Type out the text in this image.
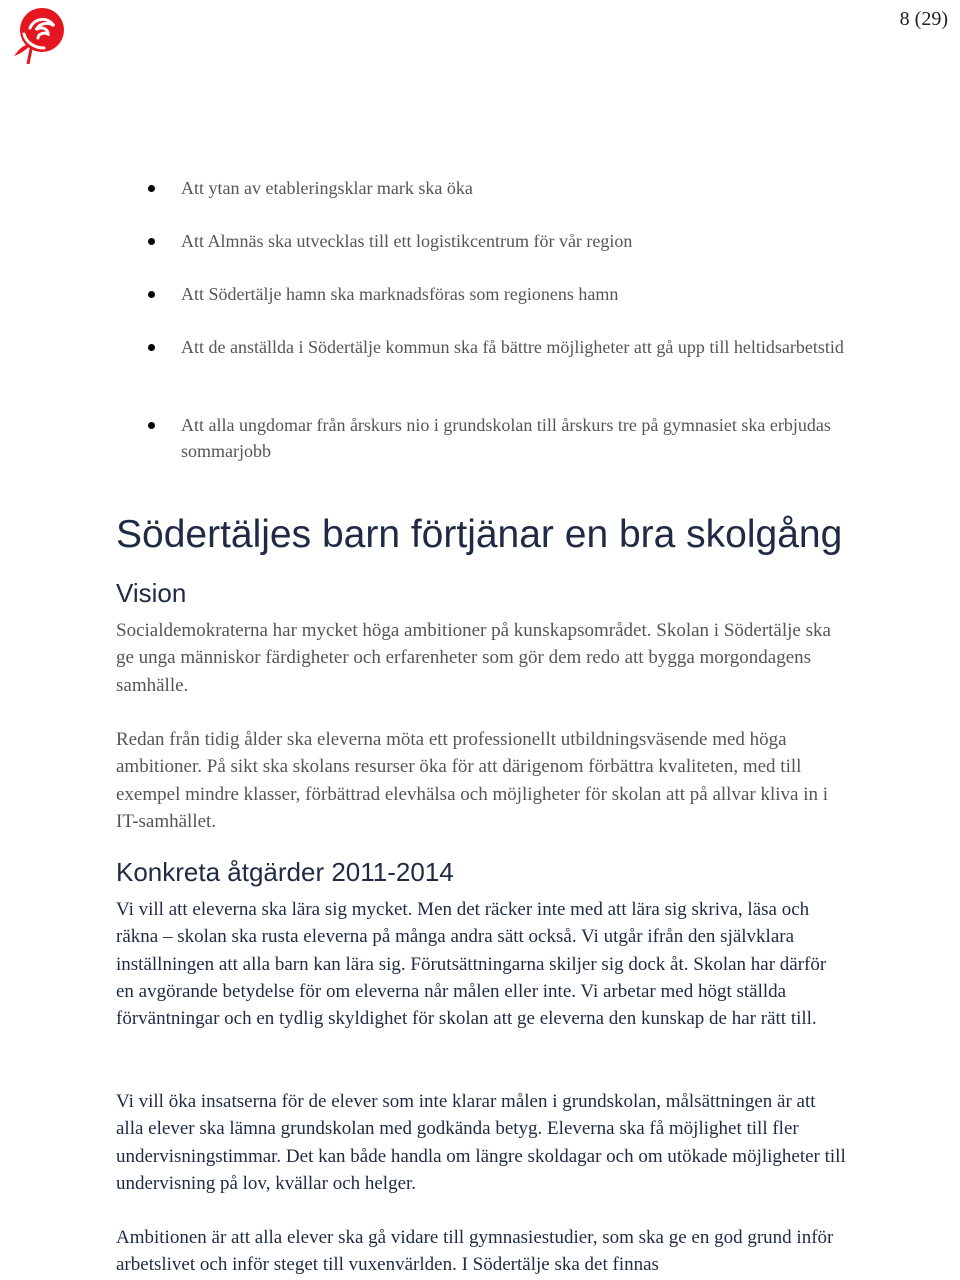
8 (29)
Att ytan av etableringsklar mark ska öka
Att Almnäs ska utvecklas till ett logistikcentrum för vår region
Att Södertälje hamn ska marknadsföras som regionens hamn
Att de anställda i Södertälje kommun ska få bättre möjligheter att gå upp till heltidsarbetstid
Att alla ungdomar från årskurs nio i grundskolan till årskurs tre på gymnasiet ska erbjudas sommarjobb
Södertäljes barn förtjänar en bra skolgång
Vision
Socialdemokraterna har mycket höga ambitioner på kunskapsområdet. Skolan i Södertälje ska ge unga människor färdigheter och erfarenheter som gör dem redo att bygga morgondagens samhälle.
Redan från tidig ålder ska eleverna möta ett professionellt utbildningsväsende med höga ambitioner. På sikt ska skolans resurser öka för att därigenom förbättra kvaliteten, med till exempel mindre klasser, förbättrad elevhälsa och möjligheter för skolan att på allvar kliva in i IT-samhället.
Konkreta åtgärder 2011-2014
Vi vill att eleverna ska lära sig mycket. Men det räcker inte med att lära sig skriva, läsa och räkna – skolan ska rusta eleverna på många andra sätt också. Vi utgår ifrån den självklara inställningen att alla barn kan lära sig. Förutsättningarna skiljer sig dock åt. Skolan har därför en avgörande betydelse för om eleverna når målen eller inte. Vi arbetar med högt ställda förväntningar och en tydlig skyldighet för skolan att ge eleverna den kunskap de har rätt till.
Vi vill öka insatserna för de elever som inte klarar målen i grundskolan, målsättningen är att alla elever ska lämna grundskolan med godkända betyg. Eleverna ska få möjlighet till fler undervisningstimmar. Det kan både handla om längre skoldagar och om utökade möjligheter till undervisning på lov, kvällar och helger.
Ambitionen är att alla elever ska gå vidare till gymnasiestudier, som ska ge en god grund inför arbetslivet och inför steget till vuxenvärlden. I Södertälje ska det finnas
